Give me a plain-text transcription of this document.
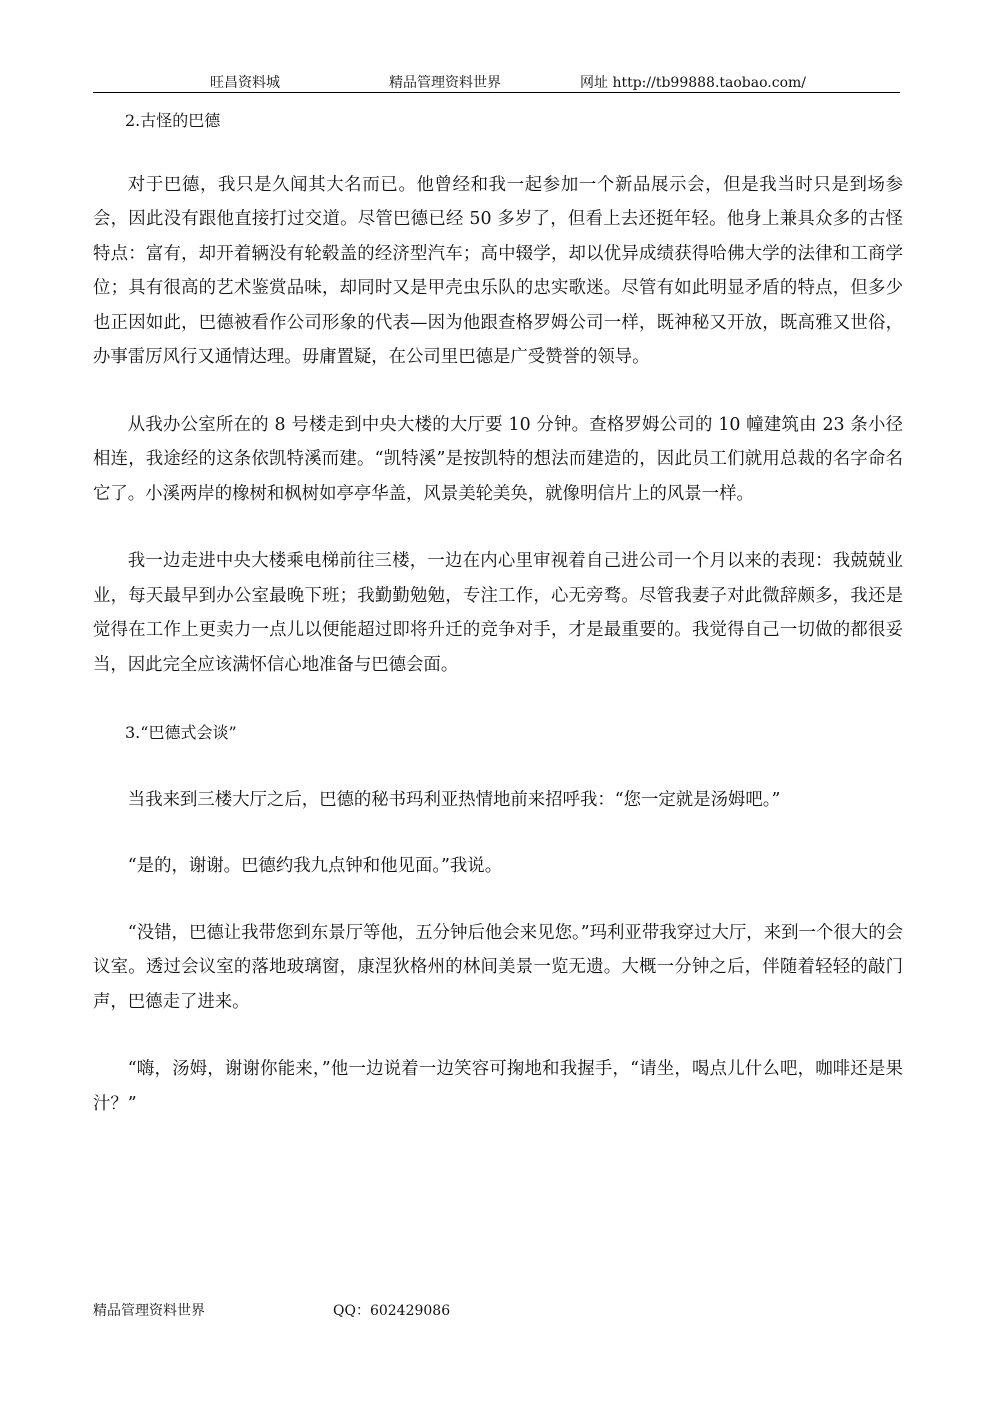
旺昌资料城	精品管理资料世界	网址 http://tb99888.taobao.com/

2.古怪的巴德

对于巴德，我只是久闻其大名而已。他曾经和我一起参加一个新品展示会，但是我当时只是到场参会，因此没有跟他直接打过交道。尽管巴德已经 50 多岁了，但看上去还挺年轻。他身上兼具众多的古怪特点：富有，却开着辆没有轮毂盖的经济型汽车；高中辍学，却以优异成绩获得哈佛大学的法律和工商学位；具有很高的艺术鉴赏品味，却同时又是甲壳虫乐队的忠实歌迷。尽管有如此明显矛盾的特点，但多少也正因如此，巴德被看作公司形象的代表—因为他跟查格罗姆公司一样，既神秘又开放，既高雅又世俗，办事雷厉风行又通情达理。毋庸置疑，在公司里巴德是广受赞誉的领导。

从我办公室所在的 8 号楼走到中央大楼的大厅要 10 分钟。查格罗姆公司的 10 幢建筑由 23 条小径相连，我途经的这条依凯特溪而建。“凯特溪”是按凯特的想法而建造的，因此员工们就用总裁的名字命名它了。小溪两岸的橡树和枫树如亭亭华盖，风景美轮美奂，就像明信片上的风景一样。

我一边走进中央大楼乘电梯前往三楼，一边在内心里审视着自己进公司一个月以来的表现：我兢兢业业，每天最早到办公室最晚下班；我勤勤勉勉，专注工作，心无旁骛。尽管我妻子对此微辞颇多，我还是觉得在工作上更卖力一点儿以便能超过即将升迁的竞争对手，才是最重要的。我觉得自己一切做的都很妥当，因此完全应该满怀信心地准备与巴德会面。

3.“巴德式会谈”

当我来到三楼大厅之后，巴德的秘书玛利亚热情地前来招呼我：“您一定就是汤姆吧。”

“是的，谢谢。巴德约我九点钟和他见面。”我说。

“没错，巴德让我带您到东景厅等他，五分钟后他会来见您。”玛利亚带我穿过大厅，来到一个很大的会议室。透过会议室的落地玻璃窗，康涅狄格州的林间美景一览无遗。大概一分钟之后，伴随着轻轻的敲门声，巴德走了进来。

“嗨，汤姆，谢谢你能来，”他一边说着一边笑容可掬地和我握手，“请坐，喝点儿什么吧，咖啡还是果汁？”

精品管理资料世界	QQ：602429086
